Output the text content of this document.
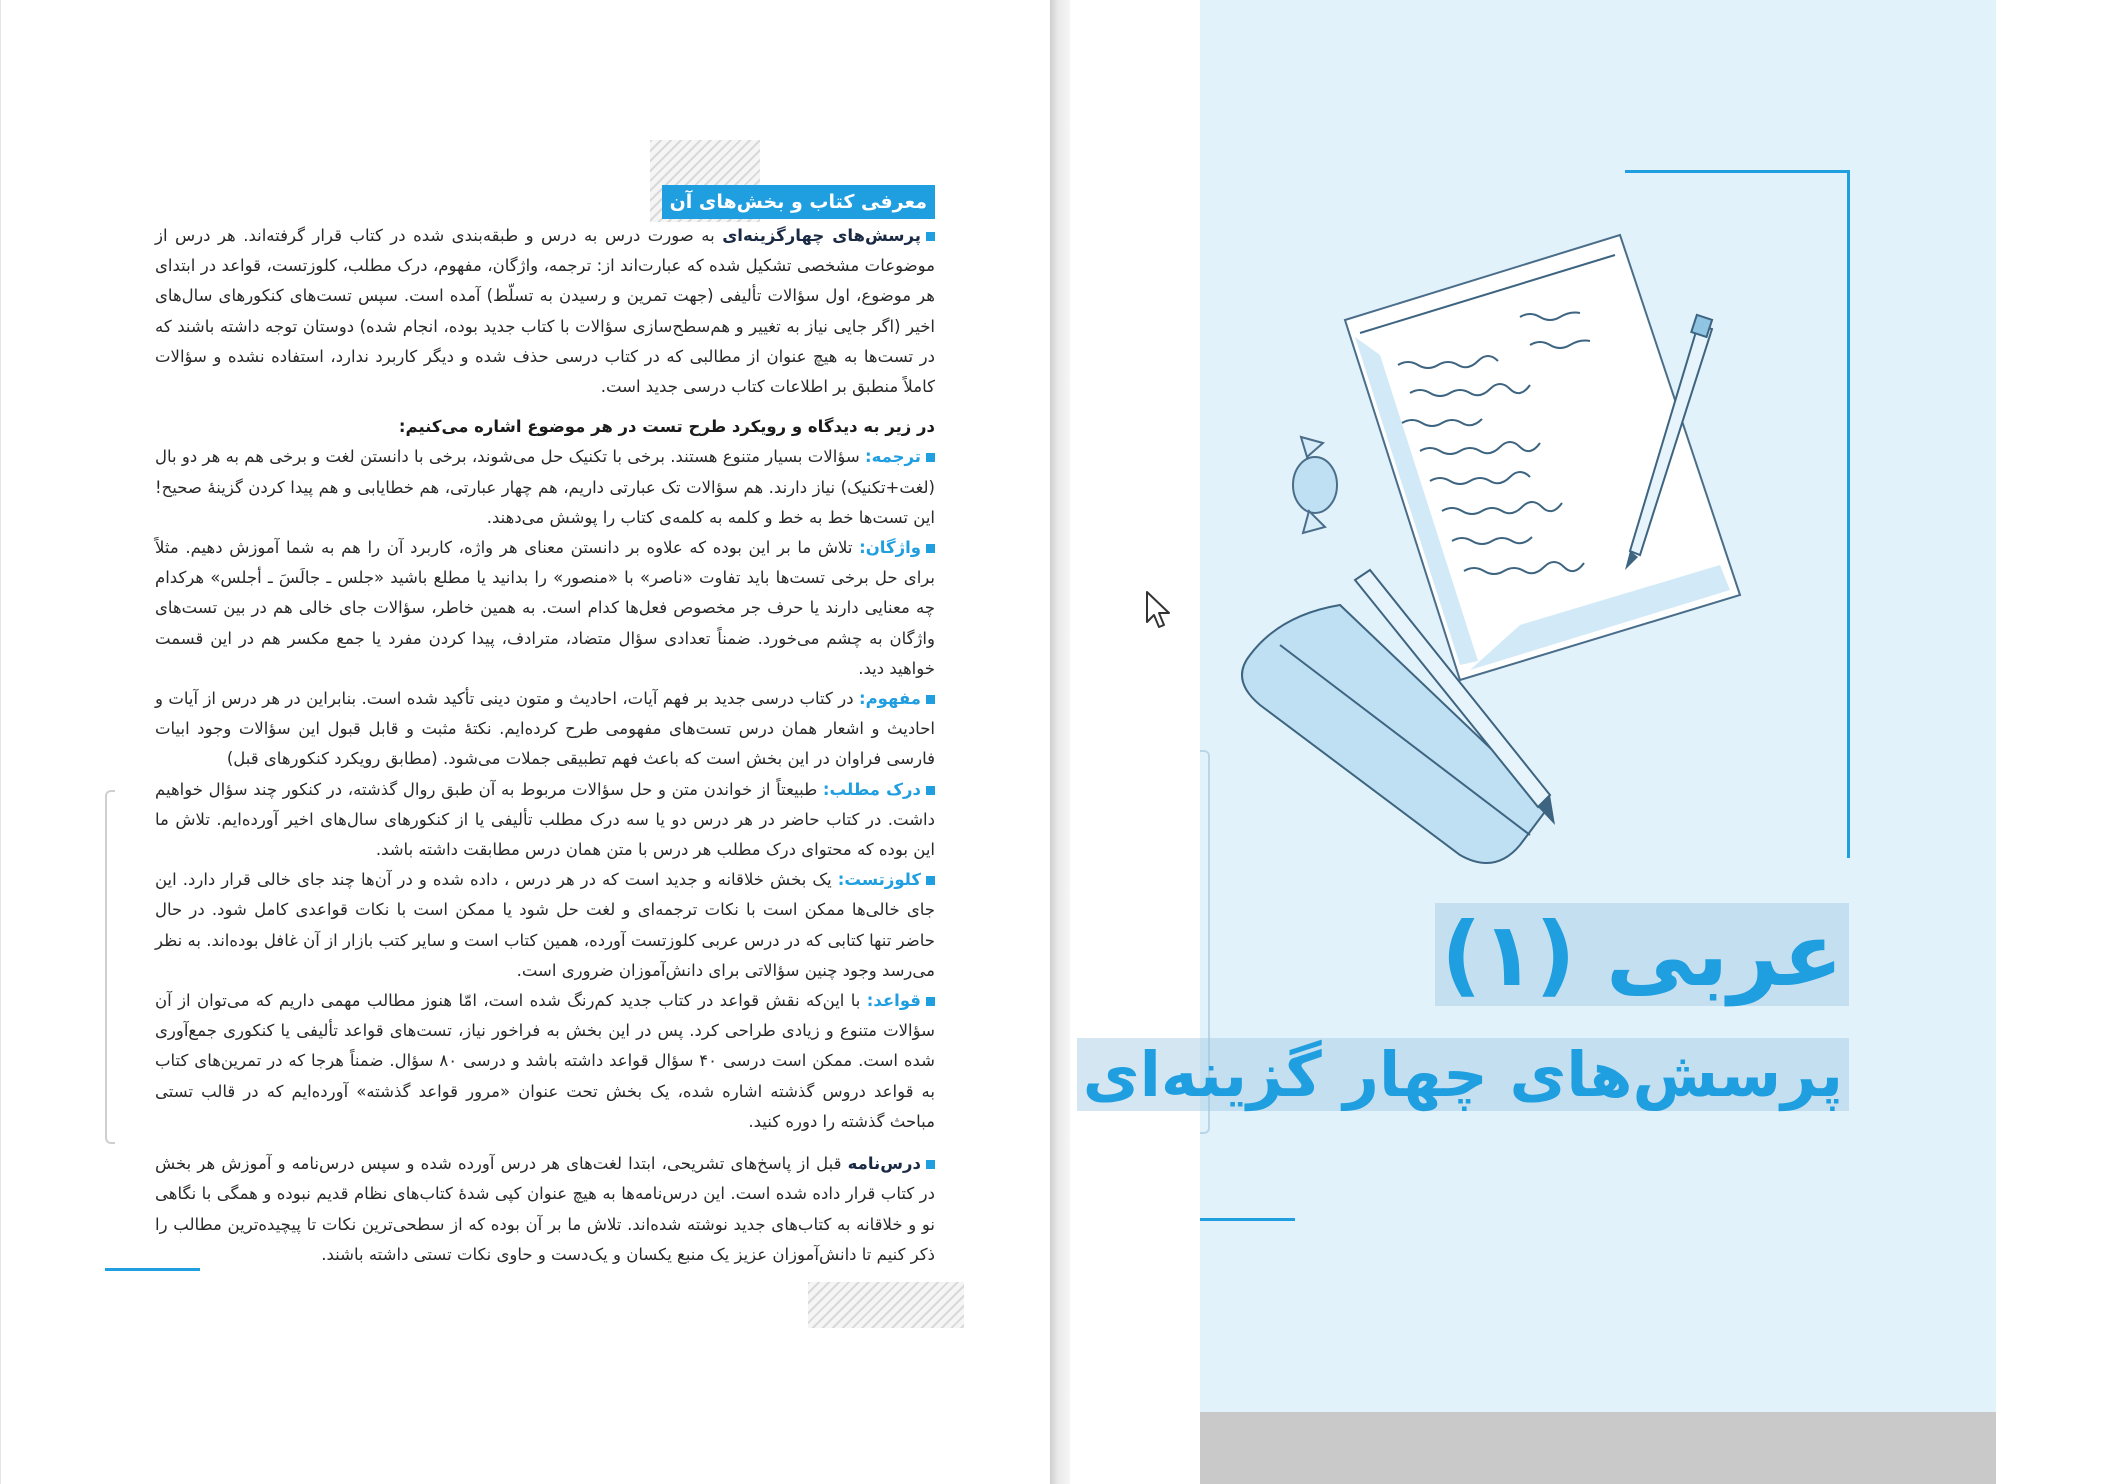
معرفی کتاب و بخش‌های آن

پرسش‌های چهارگزینه‌ای به صورت درس به درس و طبقه‌بندی شده در کتاب قرار گرفته‌اند. هر درس از موضوعات مشخصی تشکیل شده که عبارت‌اند از: ترجمه، واژگان، مفهوم، درک مطلب، کلوزتست، قواعد در ابتدای هر موضوع، اول سؤالات تألیفی (جهت تمرین و رسیدن به تسلّط) آمده است. سپس تست‌های کنکورهای سال‌های اخیر (اگر جایی نیاز به تغییر و هم‌سطح‌سازی سؤالات با کتاب جدید بوده، انجام شده) دوستان توجه داشته باشند که در تست‌ها به هیچ عنوان از مطالبی که در کتاب درسی حذف شده و دیگر کاربرد ندارد، استفاده نشده و سؤالات کاملاً منطبق بر اطلاعات کتاب درسی جدید است.

در زیر به دیدگاه و رویکرد طرح تست در هر موضوع اشاره می‌کنیم:

ترجمه: سؤالات بسیار متنوع هستند. برخی با تکنیک حل می‌شوند، برخی با دانستن لغت و برخی هم به هر دو بال (لغت+تکنیک) نیاز دارند. هم سؤالات تک عبارتی داریم، هم چهار عبارتی، هم خطایابی و هم پیدا کردن گزینهٔ صحیح! این تست‌ها خط به خط و کلمه به کلمه‌ی کتاب را پوشش می‌دهند.

واژگان: تلاش ما بر این بوده که علاوه بر دانستن معنای هر واژه، کاربرد آن را هم به شما آموزش دهیم. مثلاً برای حل برخی تست‌ها باید تفاوت «ناصر» با «منصور» را بدانید یا مطلع باشید «جلس ـ جالَسَ ـ أجلس» هرکدام چه معنایی دارند یا حرف جر مخصوص فعل‌ها کدام است. به همین خاطر، سؤالات جای خالی هم در بین تست‌های واژگان به چشم می‌خورد. ضمناً تعدادی سؤال متضاد، مترادف، پیدا کردن مفرد یا جمع مکسر هم در این قسمت خواهید دید.

مفهوم: در کتاب درسی جدید بر فهم آیات، احادیث و متون دینی تأکید شده است. بنابراین در هر درس از آیات و احادیث و اشعار همان درس تست‌های مفهومی طرح کرده‌ایم. نکتهٔ مثبت و قابل قبول این سؤالات وجود ابیات فارسی فراوان در این بخش است که باعث فهم تطبیقی جملات می‌شود. (مطابق رویکرد کنکورهای قبل)

درک مطلب: طبیعتاً از خواندن متن و حل سؤالات مربوط به آن طبق روال گذشته، در کنکور چند سؤال خواهیم داشت. در کتاب حاضر در هر درس دو یا سه درک مطلب تألیفی یا از کنکورهای سال‌های اخیر آورده‌ایم. تلاش ما این بوده که محتوای درک مطلب هر درس با متن همان درس مطابقت داشته باشد.

کلوزتست: یک بخش خلاقانه و جدید است که در هر درس ، داده شده و در آن‌ها چند جای خالی قرار دارد. این جای خالی‌ها ممکن است با نکات ترجمه‌ای و لغت حل شود یا ممکن است با نکات قواعدی کامل شود. در حال حاضر تنها کتابی که در درس عربی کلوزتست آورده، همین کتاب است و سایر کتب بازار از آن غافل بوده‌اند. به نظر می‌رسد وجود چنین سؤالاتی برای دانش‌آموزان ضروری است.

قواعد: با این‌که نقش قواعد در کتاب جدید کم‌رنگ شده است، امّا هنوز مطالب مهمی داریم که می‌توان از آن سؤالات متنوع و زیادی طراحی کرد. پس در این بخش به فراخور نیاز، تست‌های قواعد تألیفی یا کنکوری جمع‌آوری شده است. ممکن است درسی ۴۰ سؤال قواعد داشته باشد و درسی ۸۰ سؤال. ضمناً هرجا که در تمرین‌های کتاب به قواعد دروس گذشته اشاره شده، یک بخش تحت عنوان «مرور قواعد گذشته» آورده‌ایم که در قالب تستی مباحث گذشته را دوره کنید.

درس‌نامه قبل از پاسخ‌های تشریحی، ابتدا لغت‌های هر درس آورده شده و سپس درس‌نامه و آموزش هر بخش در کتاب قرار داده شده است. این درس‌نامه‌ها به هیچ عنوان کپی شدهٔ کتاب‌های نظام قدیم نبوده و همگی با نگاهی نو و خلاقانه به کتاب‌های جدید نوشته شده‌اند. تلاش ما بر آن بوده که از سطحی‌ترین نکات تا پیچیده‌ترین مطالب را ذکر کنیم تا دانش‌آموزان عزیز یک منبع یکسان و یک‌دست و حاوی نکات تستی داشته باشند.

عربی (۱)
پرسش‌های چهار گزینه‌ای
